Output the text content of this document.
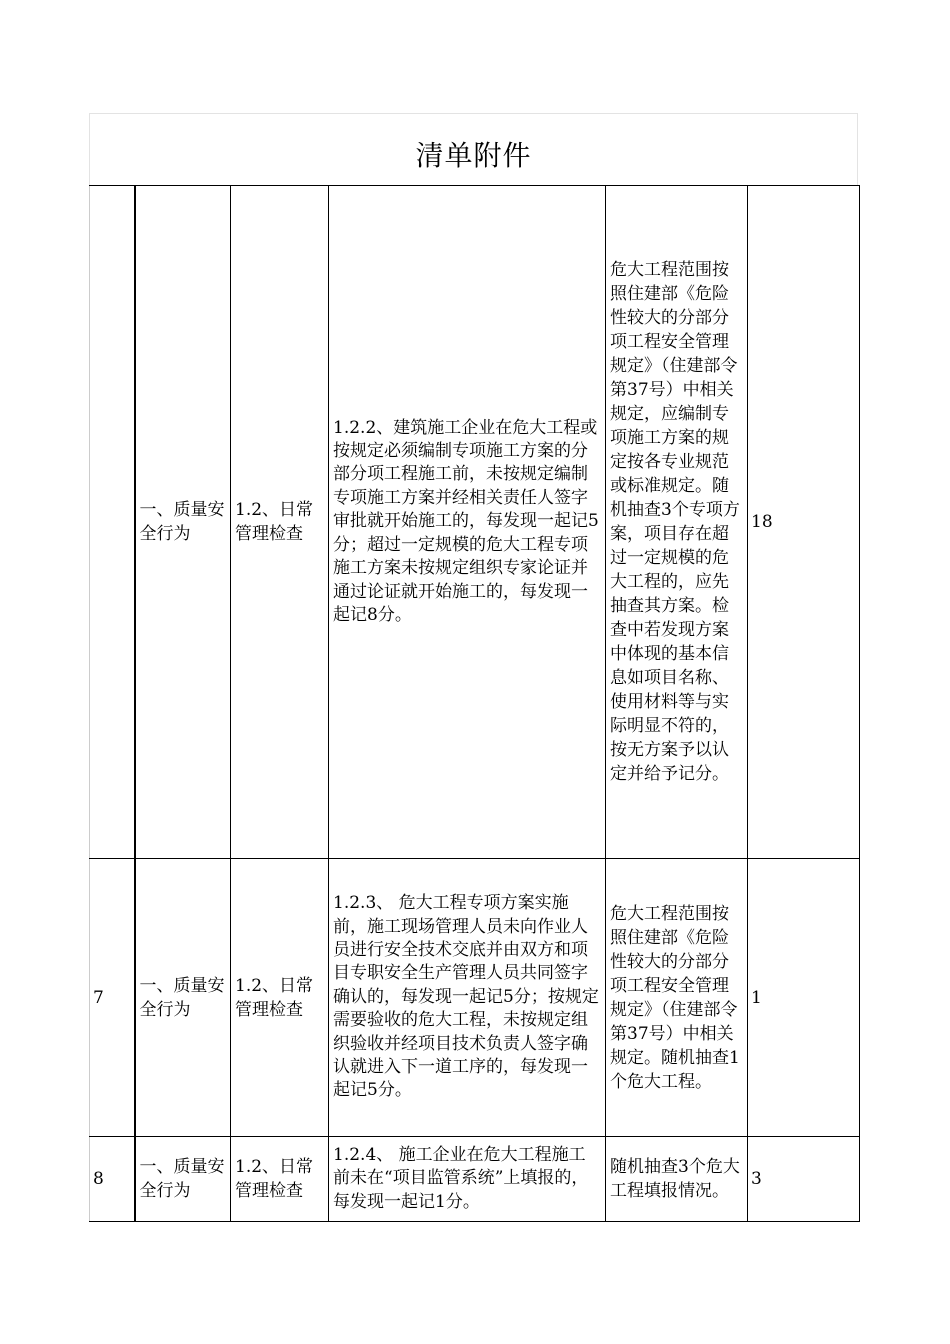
清单附件
	一、质量安全行为	1.2、日常管理检查	1.2.2、建筑施工企业在危大工程或按规定必须编制专项施工方案的分部分项工程施工前，未按规定编制专项施工方案并经相关责任人签字审批就开始施工的，每发现一起记5分；超过一定规模的危大工程专项施工方案未按规定组织专家论证并通过论证就开始施工的，每发现一起记8分。	危大工程范围按照住建部《危险性较大的分部分项工程安全管理规定》（住建部令第37号）中相关规定，应编制专项施工方案的规定按各专业规范或标准规定。随机抽查3个专项方案，项目存在超过一定规模的危大工程的，应先抽查其方案。检查中若发现方案中体现的基本信息如项目名称、使用材料等与实际明显不符的，按无方案予以认定并给予记分。	18
7	一、质量安全行为	1.2、日常管理检查	1.2.3、 危大工程专项方案实施前，施工现场管理人员未向作业人员进行安全技术交底并由双方和项目专职安全生产管理人员共同签字确认的，每发现一起记5分；按规定需要验收的危大工程，未按规定组织验收并经项目技术负责人签字确认就进入下一道工序的，每发现一起记5分。	危大工程范围按照住建部《危险性较大的分部分项工程安全管理规定》（住建部令第37号）中相关规定。随机抽查1个危大工程。	1
8	一、质量安全行为	1.2、日常管理检查	1.2.4、 施工企业在危大工程施工前未在“项目监管系统”上填报的，每发现一起记1分。	随机抽查3个危大工程填报情况。	3
